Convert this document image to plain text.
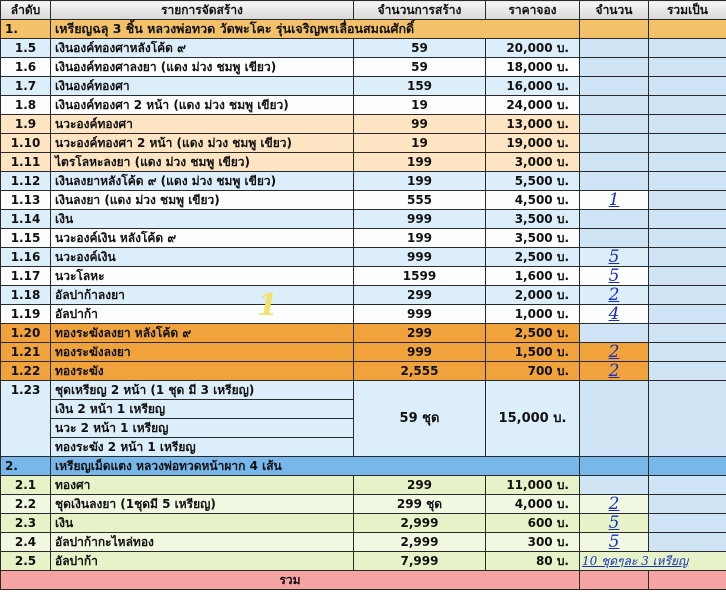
ลำดับ	รายการจัดสร้าง	จำนวนการสร้าง	ราคาจอง	จำนวน	รวมเป็น
1.	เหรียญฉลุ 3 ชิ้น หลวงพ่อทวด วัดพะโคะ รุ่นเจริญพรเลื่อนสมณศักดิ์				
1.5	เงินองค์ทองศาหลังโค้ด ๙	59	20,000 บ.		
1.6	เงินองค์ทองศาลงยา (แดง ม่วง ชมพู เขียว)	59	18,000 บ.		
1.7	เงินองค์ทองศา	159	16,000 บ.		
1.8	เงินองค์ทองศา 2 หน้า (แดง ม่วง ชมพู เขียว)	19	24,000 บ.		
1.9	นวะองค์ทองศา	99	13,000 บ.		
1.10	นวะองค์ทองศา 2 หน้า (แดง ม่วง ชมพู เขียว)	19	19,000 บ.		
1.11	ไตรโลหะลงยา (แดง ม่วง ชมพู เขียว)	199	3,000 บ.		
1.12	เงินลงยาหลังโค้ด ๙ (แดง ม่วง ชมพู เขียว)	199	5,500 บ.		
1.13	เงินลงยา (แดง ม่วง ชมพู เขียว)	555	4,500 บ.	1	
1.14	เงิน	999	3,500 บ.		
1.15	นวะองค์เงิน หลังโค้ด ๙	199	3,500 บ.		
1.16	นวะองค์เงิน	999	2,500 บ.	5	
1.17	นวะโลหะ	1599	1,600 บ.	5	
1.18	อัลปาก้าลงยา	299	2,000 บ.	2	
1.19	อัลปาก้า	999	1,000 บ.	4	
1.20	ทองระฆังลงยา หลังโค้ด ๙	299	2,500 บ.		
1.21	ทองระฆังลงยา	999	1,500 บ.	2	
1.22	ทองระฆัง	2,555	700 บ.	2	
1.23	ชุดเหรียญ 2 หน้า (1 ชุด มี 3 เหรียญ)	59 ชุด	15,000 บ.		
	เงิน 2 หน้า 1 เหรียญ				
	นวะ 2 หน้า 1 เหรียญ				
	ทองระฆัง 2 หน้า 1 เหรียญ				
2.	เหรียญเม็ดแตง หลวงพ่อทวดหน้าผาก 4 เส้น				
2.1	ทองศา	299	11,000 บ.		
2.2	ชุดเงินลงยา (1ชุดมี 5 เหรียญ)	299 ชุด	4,000 บ.	2	
2.3	เงิน	2,999	600 บ.	5	
2.4	อัลปาก้ากะไหล่ทอง	2,999	300 บ.	5	
2.5	อัลปาก้า	7,999	80 บ.	10 ชุดๆละ 3 เหรียญ	
รวม					
1
